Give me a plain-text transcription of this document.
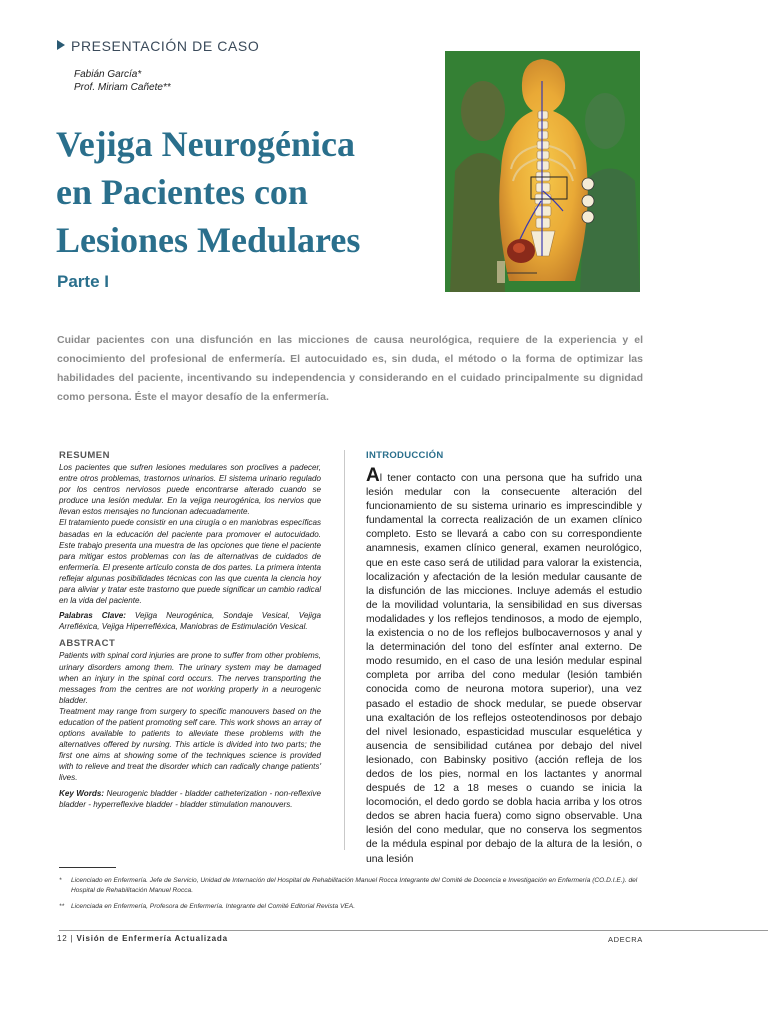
PRESENTACIÓN DE CASO
Fabián García*
Prof. Miriam Cañete**
Vejiga Neurogénica
en Pacientes con
Lesiones Medulares
Parte I

Cuidar pacientes con una disfunción en las micciones de causa neurológica, requiere de la experiencia y el conocimiento del profesional de enfermería. El autocuidado es, sin duda, el método o la forma de optimizar las habilidades del paciente, incentivando su independencia y considerando en el cuidado principalmente su dignidad como persona. Éste el mayor desafío de la enfermería.

RESUMEN

Los pacientes que sufren lesiones medulares son proclives a padecer, entre otros problemas, trastornos urinarios. El sistema urinario regulado por los centros nerviosos puede encontrarse alterado cuando se produce una lesión medular. En la vejiga neurogénica, los nervios que llevan estos mensajes no funcionan adecuadamente.

El tratamiento puede consistir en una cirugía o en maniobras específicas basadas en la educación del paciente para promover el autocuidado. Este trabajo presenta una muestra de las opciones que tiene el paciente para mitigar estos problemas con las de alternativas de cuidados de enfermería. El presente artículo consta de dos partes. La primera intenta reflejar algunas posibilidades técnicas con las que cuenta la ciencia hoy para aliviar y tratar este trastorno que puede significar un cambio radical en la vida del paciente.

Palabras Clave: Vejiga Neurogénica, Sondaje Vesical, Vejiga Arrefléxica, Vejiga Hiperrefléxica, Maniobras de Estimulación Vesical.

ABSTRACT

Patients with spinal cord injuries are prone to suffer from other problems, urinary disorders among them. The urinary system may be damaged when an injury in the spinal cord occurs. The nerves transporting the messages from the centres are not working properly in a neurogenic bladder.

Treatment may range from surgery to specific manouvers based on the education of the patient promoting self care. This work shows an array of options available to patients to alleviate these problems with the alternatives offered by nursing. This article is divided into two parts; the first one aims at showing some of the techniques science is provided with to relieve and treat the disorder which can radically change patients' lives.

Key Words: Neurogenic bladder - bladder catheterization - non-reflexive bladder - hyperreflexive bladder - bladder stimulation manouvers.

INTRODUCCIÓN

Al tener contacto con una persona que ha sufrido una lesión medular con la consecuente alteración del funcionamiento de su sistema urinario es imprescindible y fundamental la correcta realización de un examen clínico completo. Esto se llevará a cabo con su correspondiente anamnesis, examen clínico general, examen neurológico, que en este caso será de utilidad para valorar la existencia, localización y afectación de la lesión medular causante de la disfunción de las micciones. Incluye además el estudio de la movilidad voluntaria, la sensibilidad en sus diversas modalidades y los reflejos tendinosos, a modo de ejemplo, la existencia o no de los reflejos bulbocavernosos y anal y la determinación del tono del esfínter anal externo. De modo resumido, en el caso de una lesión medular espinal completa por arriba del cono medular (lesión también conocida como de neurona motora superior), una vez pasado el estadio de shock medular, se puede observar una exaltación de los reflejos osteotendinosos por debajo del nivel lesionado, espasticidad muscular esquelética y ausencia de sensibilidad cutánea por debajo del nivel lesionado, con Babinsky positivo (acción refleja de los dedos de los pies, normal en los lactantes y anormal después de 12 a 18 meses o cuando se inicia la locomoción, el dedo gordo se dobla hacia arriba y los otros dedos se abren hacia fuera) como signo observable. Una lesión del cono medular, que no conserva los segmentos de la médula espinal por debajo de la altura de la lesión, o una lesión

*	Licenciado en Enfermería. Jefe de Servicio, Unidad de Internación del Hospital de Rehabilitación Manuel Rocca Integrante del Comité de Docencia e Investigación en Enfermería (CO.D.I.E.). del Hospital de Rehabilitación Manuel Rocca.
**	Licenciada en Enfermería, Profesora de Enfermería. Integrante del Comité Editorial Revista VEA.
12 | Visión de Enfermería Actualizada	ADECRA
